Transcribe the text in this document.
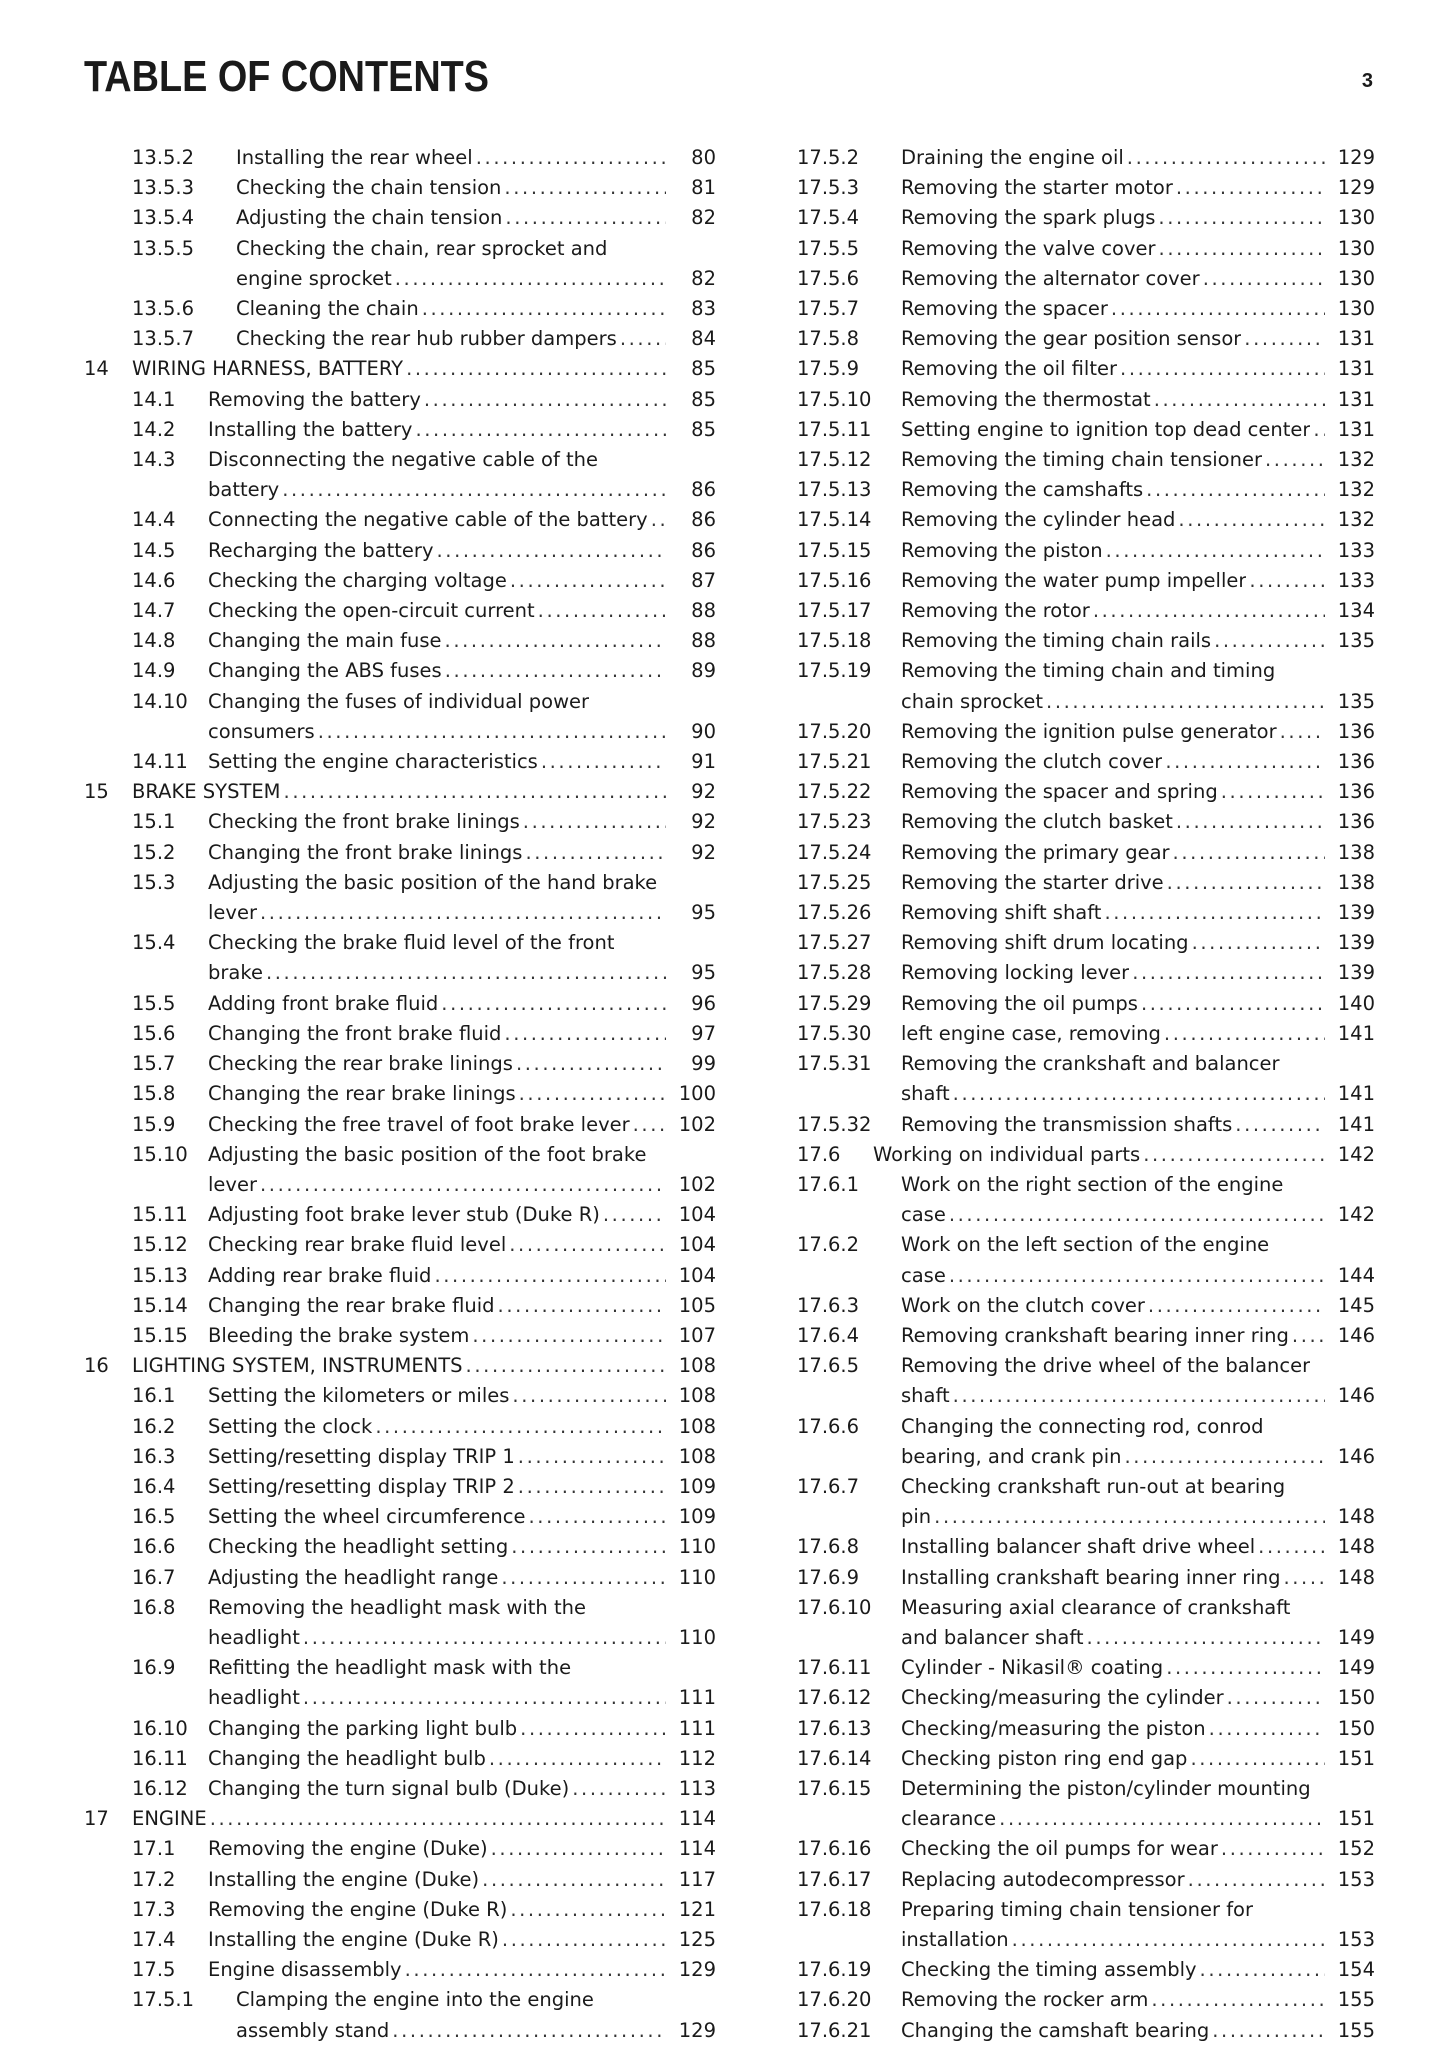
TABLE OF CONTENTS	3
13.5.2 Installing the rear wheel . . .	80
13.5.3 Checking the chain tension . . .	81
13.5.4 Adjusting the chain tension . . .	82
13.5.5 Checking the chain, rear sprocket and
engine sprocket . . .	82
13.5.6 Cleaning the chain . . .	83
13.5.7 Checking the rear hub rubber dampers . . .	84
14 WIRING HARNESS, BATTERY . . .	85
14.1 Removing the battery . . .	85
14.2 Installing the battery . . .	85
14.3 Disconnecting the negative cable of the
battery . . .	86
14.4 Connecting the negative cable of the battery . . .	86
14.5 Recharging the battery . . .	86
14.6 Checking the charging voltage . . .	87
14.7 Checking the open-circuit current . . .	88
14.8 Changing the main fuse . . .	88
14.9 Changing the ABS fuses . . .	89
14.10 Changing the fuses of individual power
consumers . . .	90
14.11 Setting the engine characteristics . . .	91
15 BRAKE SYSTEM . . .	92
15.1 Checking the front brake linings . . .	92
15.2 Changing the front brake linings . . .	92
15.3 Adjusting the basic position of the hand brake
lever . . .	95
15.4 Checking the brake fluid level of the front
brake . . .	95
15.5 Adding front brake fluid . . .	96
15.6 Changing the front brake fluid . . .	97
15.7 Checking the rear brake linings . . .	99
15.8 Changing the rear brake linings . . .	100
15.9 Checking the free travel of foot brake lever . . .	102
15.10 Adjusting the basic position of the foot brake
lever . . .	102
15.11 Adjusting foot brake lever stub (Duke R) . . .	104
15.12 Checking rear brake fluid level . . .	104
15.13 Adding rear brake fluid . . .	104
15.14 Changing the rear brake fluid . . .	105
15.15 Bleeding the brake system . . .	107
16 LIGHTING SYSTEM, INSTRUMENTS . . .	108
16.1 Setting the kilometers or miles . . .	108
16.2 Setting the clock . . .	108
16.3 Setting/resetting display TRIP 1 . . .	108
16.4 Setting/resetting display TRIP 2 . . .	109
16.5 Setting the wheel circumference . . .	109
16.6 Checking the headlight setting . . .	110
16.7 Adjusting the headlight range . . .	110
16.8 Removing the headlight mask with the
headlight . . .	110
16.9 Refitting the headlight mask with the
headlight . . .	111
16.10 Changing the parking light bulb . . .	111
16.11 Changing the headlight bulb . . .	112
16.12 Changing the turn signal bulb (Duke) . . .	113
17 ENGINE . . .	114
17.1 Removing the engine (Duke) . . .	114
17.2 Installing the engine (Duke) . . .	117
17.3 Removing the engine (Duke R) . . .	121
17.4 Installing the engine (Duke R) . . .	125
17.5 Engine disassembly . . .	129
17.5.1 Clamping the engine into the engine
assembly stand . . .	129
17.5.2 Draining the engine oil . . .	129
17.5.3 Removing the starter motor . . .	129
17.5.4 Removing the spark plugs . . .	130
17.5.5 Removing the valve cover . . .	130
17.5.6 Removing the alternator cover . . .	130
17.5.7 Removing the spacer . . .	130
17.5.8 Removing the gear position sensor . . .	131
17.5.9 Removing the oil filter . . .	131
17.5.10 Removing the thermostat . . .	131
17.5.11 Setting engine to ignition top dead center . . .	131
17.5.12 Removing the timing chain tensioner . . .	132
17.5.13 Removing the camshafts . . .	132
17.5.14 Removing the cylinder head . . .	132
17.5.15 Removing the piston . . .	133
17.5.16 Removing the water pump impeller . . .	133
17.5.17 Removing the rotor . . .	134
17.5.18 Removing the timing chain rails . . .	135
17.5.19 Removing the timing chain and timing
chain sprocket . . .	135
17.5.20 Removing the ignition pulse generator . . .	136
17.5.21 Removing the clutch cover . . .	136
17.5.22 Removing the spacer and spring . . .	136
17.5.23 Removing the clutch basket . . .	136
17.5.24 Removing the primary gear . . .	138
17.5.25 Removing the starter drive . . .	138
17.5.26 Removing shift shaft . . .	139
17.5.27 Removing shift drum locating . . .	139
17.5.28 Removing locking lever . . .	139
17.5.29 Removing the oil pumps . . .	140
17.5.30 left engine case, removing . . .	141
17.5.31 Removing the crankshaft and balancer
shaft . . .	141
17.5.32 Removing the transmission shafts . . .	141
17.6 Working on individual parts . . .	142
17.6.1 Work on the right section of the engine
case . . .	142
17.6.2 Work on the left section of the engine
case . . .	144
17.6.3 Work on the clutch cover . . .	145
17.6.4 Removing crankshaft bearing inner ring . . .	146
17.6.5 Removing the drive wheel of the balancer
shaft . . .	146
17.6.6 Changing the connecting rod, conrod
bearing, and crank pin . . .	146
17.6.7 Checking crankshaft run-out at bearing
pin . . .	148
17.6.8 Installing balancer shaft drive wheel . . .	148
17.6.9 Installing crankshaft bearing inner ring . . .	148
17.6.10 Measuring axial clearance of crankshaft
and balancer shaft . . .	149
17.6.11 Cylinder - Nikasil® coating . . .	149
17.6.12 Checking/measuring the cylinder . . .	150
17.6.13 Checking/measuring the piston . . .	150
17.6.14 Checking piston ring end gap . . .	151
17.6.15 Determining the piston/cylinder mounting
clearance . . .	151
17.6.16 Checking the oil pumps for wear . . .	152
17.6.17 Replacing autodecompressor . . .	153
17.6.18 Preparing timing chain tensioner for
installation . . .	153
17.6.19 Checking the timing assembly . . .	154
17.6.20 Removing the rocker arm . . .	155
17.6.21 Changing the camshaft bearing . . .	155
